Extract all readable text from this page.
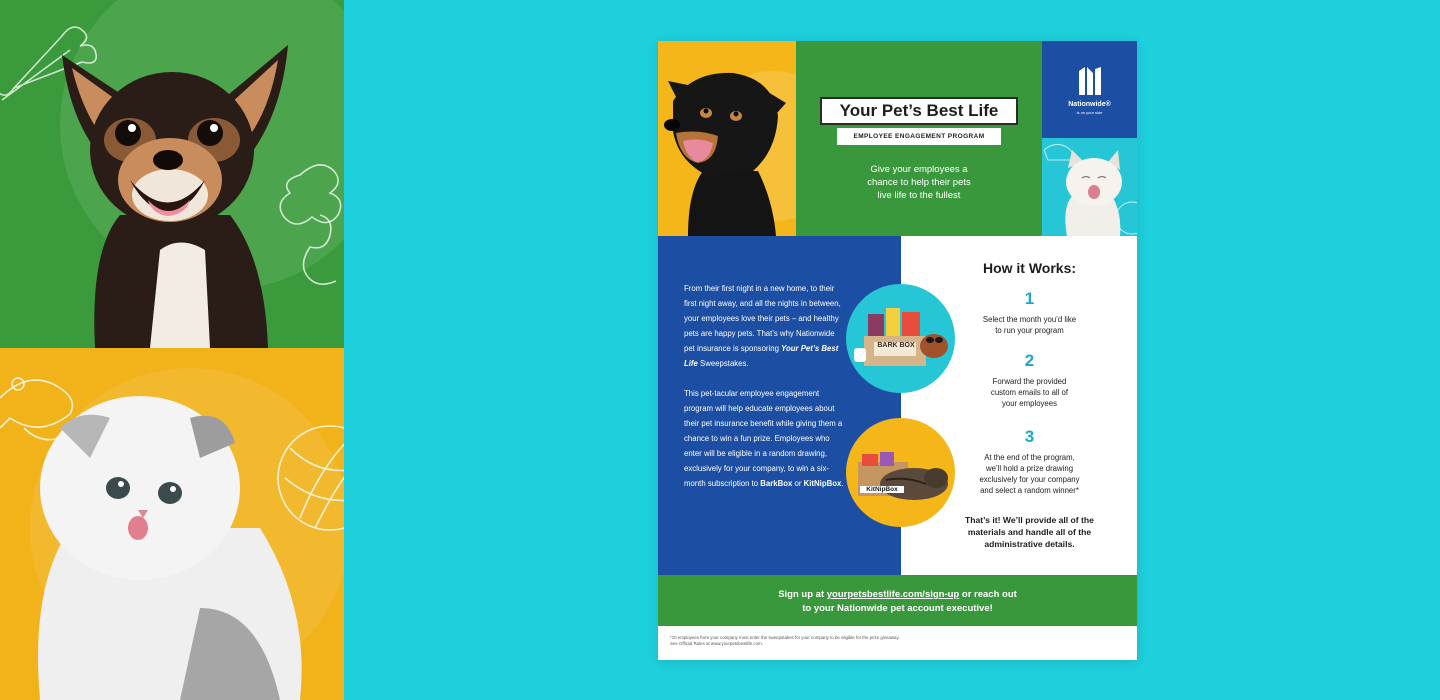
Your Pet’s Best Life
EMPLOYEE ENGAGEMENT PROGRAM
Give your employees a
chance to help their pets
live life to the fullest
Nationwide®
is on your side

From their first night in a new home, to their first night away, and all the nights in between, your employees love their pets – and healthy pets are happy pets. That’s why Nationwide pet insurance is sponsoring Your Pet’s Best Life Sweepstakes.

This pet-tacular employee engagement program will help educate employees about their pet insurance benefit while giving them a chance to win a fun prize. Employees who enter will be eligible in a random drawing, exclusively for your company, to win a six-month subscription to BarkBox or KitNipBox.

BARK BOX
KitNipBox
How it Works:
1
Select the month you’d like
to run your program
2
Forward the provided
custom emails to all of
your employees
3
At the end of the program,
we’ll hold a prize drawing
exclusively for your company
and select a random winner*
That’s it! We’ll provide all of the
materials and handle all of the
administrative details.
Sign up at yourpetsbestlife.com/sign-up or reach out
to your Nationwide pet account executive!
*10 employees from your company must enter the sweepstakes for your company to be eligible for the prize giveaway.
See Official Rules at www.yourpetsbestlife.com.
